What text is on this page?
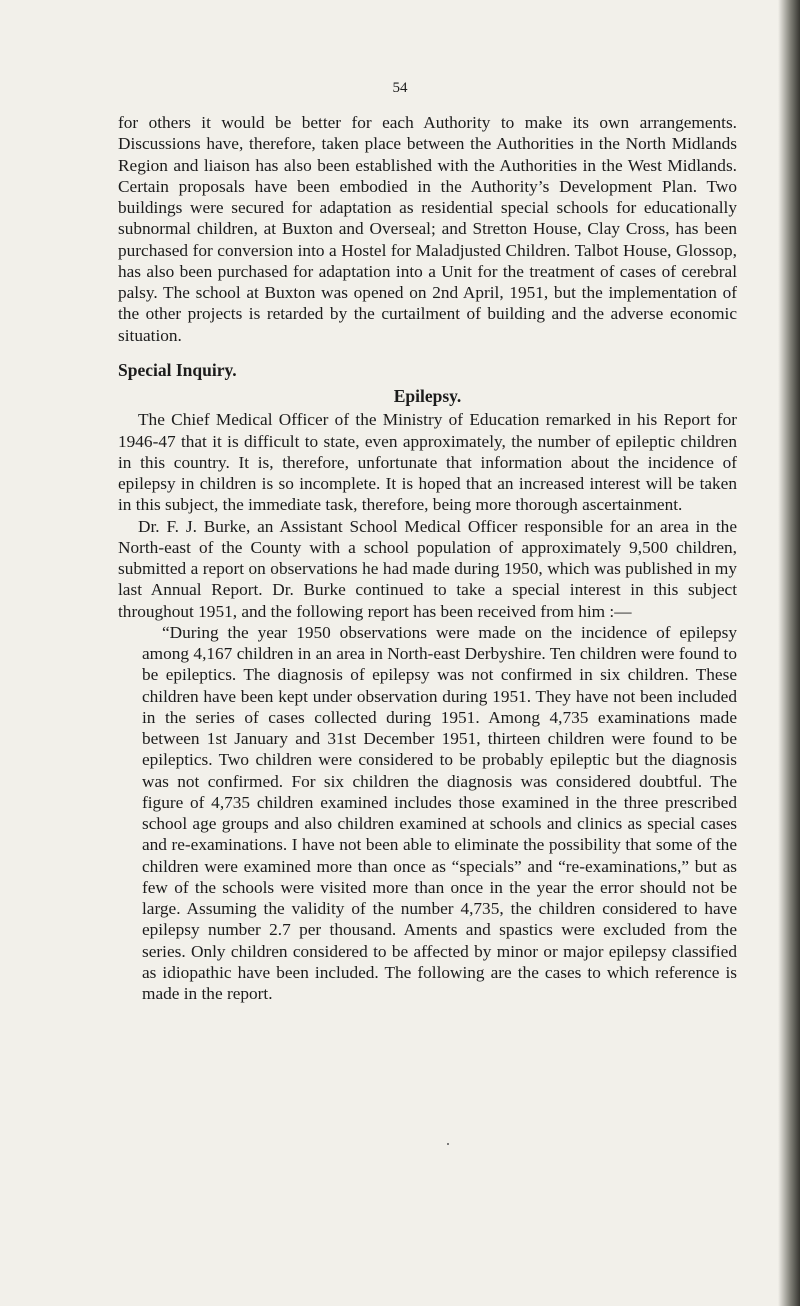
54

for others it would be better for each Authority to make its own arrangements. Discussions have, therefore, taken place between the Authorities in the North Midlands Region and liaison has also been established with the Authorities in the West Midlands. Certain proposals have been embodied in the Authority’s Development Plan. Two buildings were secured for adaptation as residential special schools for educationally subnormal children, at Buxton and Overseal; and Stretton House, Clay Cross, has been purchased for conversion into a Hostel for Maladjusted Children. Talbot House, Glossop, has also been purchased for adaptation into a Unit for the treatment of cases of cerebral palsy. The school at Buxton was opened on 2nd April, 1951, but the implementation of the other projects is retarded by the curtailment of building and the adverse economic situation.

Special Inquiry.
Epilepsy.

The Chief Medical Officer of the Ministry of Education remarked in his Report for 1946-47 that it is difficult to state, even approximately, the number of epileptic children in this country. It is, therefore, unfortunate that information about the incidence of epilepsy in children is so incomplete. It is hoped that an increased interest will be taken in this subject, the immediate task, therefore, being more thorough ascertainment.

Dr. F. J. Burke, an Assistant School Medical Officer responsible for an area in the North-east of the County with a school population of approximately 9,500 children, submitted a report on observations he had made during 1950, which was published in my last Annual Report. Dr. Burke continued to take a special interest in this subject throughout 1951, and the following report has been received from him :—

“During the year 1950 observations were made on the incidence of epilepsy among 4,167 children in an area in North-east Derbyshire. Ten children were found to be epileptics. The diagnosis of epilepsy was not confirmed in six children. These children have been kept under observation during 1951. They have not been included in the series of cases collected during 1951. Among 4,735 examinations made between 1st January and 31st December 1951, thirteen children were found to be epileptics. Two children were considered to be probably epileptic but the diagnosis was not confirmed. For six children the diagnosis was considered doubtful. The figure of 4,735 children examined includes those examined in the three prescribed school age groups and also children examined at schools and clinics as special cases and re-examinations. I have not been able to eliminate the possibility that some of the children were examined more than once as “specials” and “re-examinations,” but as few of the schools were visited more than once in the year the error should not be large. Assuming the validity of the number 4,735, the children considered to have epilepsy number 2.7 per thousand. Aments and spastics were excluded from the series. Only children considered to be affected by minor or major epilepsy classified as idiopathic have been included. The following are the cases to which reference is made in the report.
